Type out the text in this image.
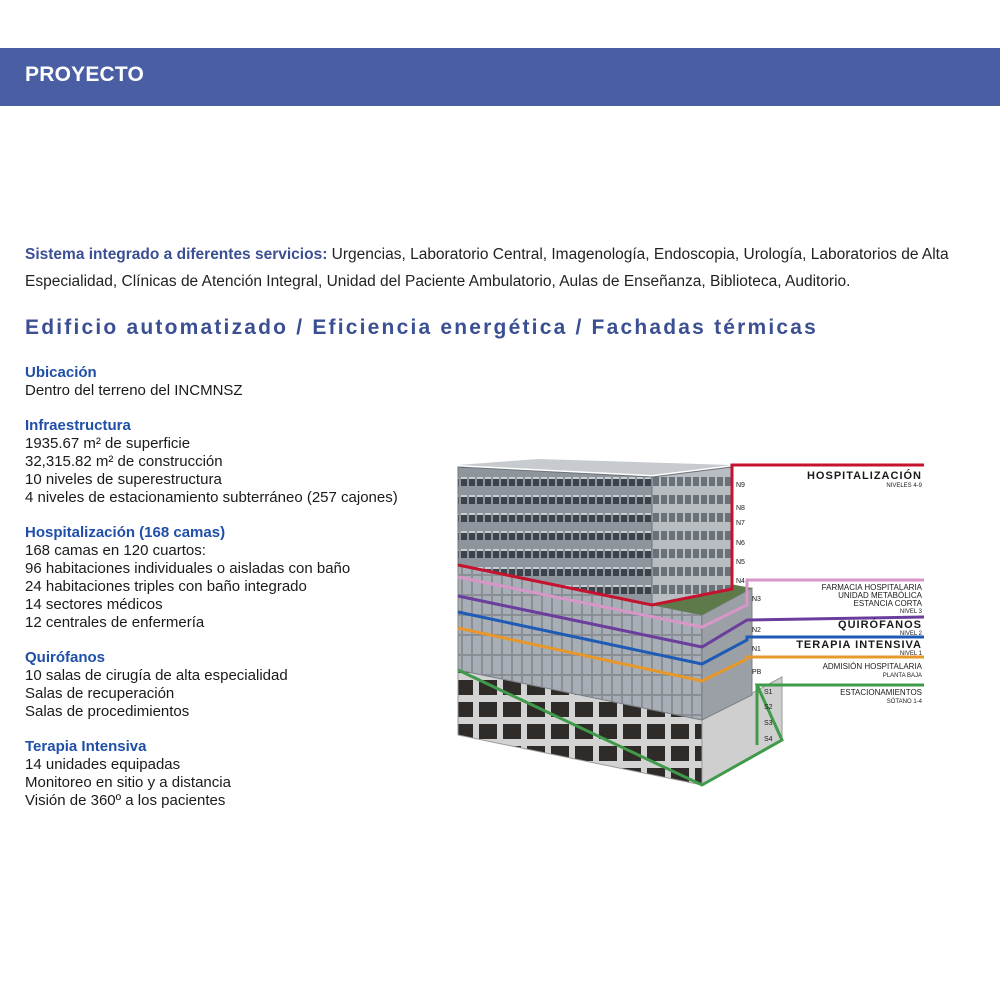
PROYECTO
Sistema integrado a diferentes servicios: Urgencias, Laboratorio Central, Imagenología, Endoscopia, Urología, Laboratorios de Alta Especialidad, Clínicas de Atención Integral, Unidad del Paciente Ambulatorio, Aulas de Enseñanza, Biblioteca, Auditorio.
Edificio automatizado / Eficiencia energética / Fachadas térmicas
Ubicación
Dentro del terreno del INCMNSZ
Infraestructura
1935.67 m² de superficie
32,315.82 m² de construcción
10 niveles de superestructura
4 niveles de estacionamiento subterráneo (257 cajones)
Hospitalización (168 camas)
168 camas en 120 cuartos:
96 habitaciones individuales o aisladas con baño
24 habitaciones triples con baño integrado
14 sectores médicos
12 centrales de enfermería
Quirófanos
10 salas de cirugía de alta especialidad
Salas de recuperación
Salas de procedimientos
Terapia Intensiva
14 unidades equipadas
Monitoreo en sitio y a distancia
Visión de 360º a los pacientes
N9
N8
N7
N6
N5
N4
N3
N2
N1
PB
S1
S2
S3
S4
HOSPITALIZACIÓN
NIVELES 4-9
FARMACIA HOSPITALARIA
UNIDAD METABÓLICA
ESTANCIA CORTA
NIVEL 3
QUIRÓFANOS
NIVEL 2
TERAPIA INTENSIVA
NIVEL 1
ADMISIÓN HOSPITALARIA
PLANTA BAJA
ESTACIONAMIENTOS
SÓTANO 1-4
